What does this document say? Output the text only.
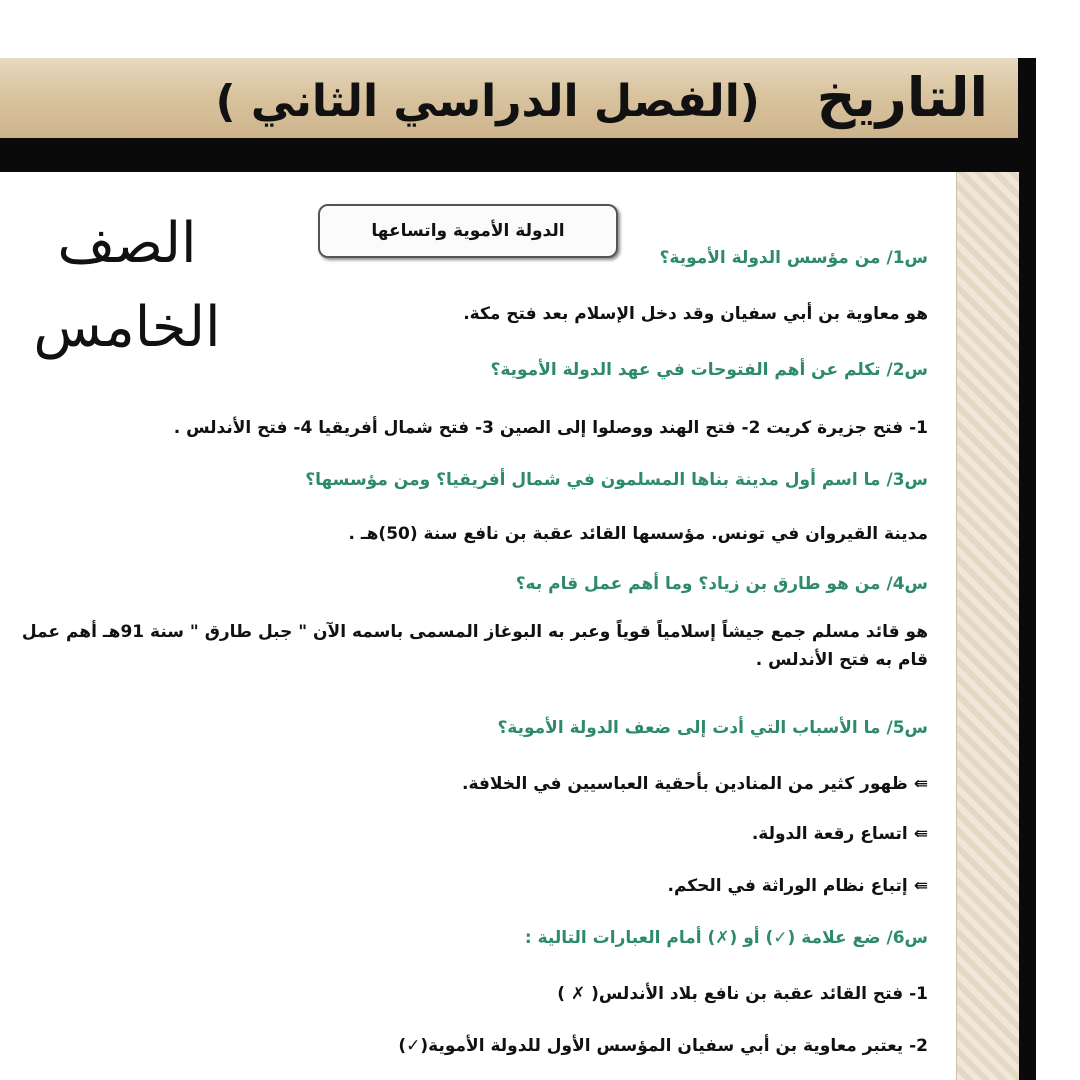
التاريخ (الفصل الدراسي الثاني )
الصف
الخامس
الدولة الأموية واتساعها
س1/ من مؤسس الدولة الأموية؟
هو معاوية بن أبي سفيان وقد دخل الإسلام بعد فتح مكة.
س2/ تكلم عن أهم الفتوحات في عهد الدولة الأموية؟
1- فتح جزيرة كريت 2- فتح الهند ووصلوا إلى الصين 3- فتح شمال أفريقيا 4- فتح الأندلس .
س3/ ما اسم أول مدينة بناها المسلمون في شمال أفريقيا؟ ومن مؤسسها؟
مدينة القيروان في تونس. مؤسسها القائد عقبة بن نافع سنة (50)هـ .
س4/ من هو طارق بن زياد؟ وما أهم عمل قام به؟
هو قائد مسلم جمع جيشاً إسلامياً قوياً وعبر به البوغاز المسمى باسمه الآن " جبل طارق " سنة 91هـ أهم عمل قام به فتح الأندلس .
س5/ ما الأسباب التي أدت إلى ضعف الدولة الأموية؟
⇚ظهور كثير من المنادين بأحقية العباسيين في الخلافة.
⇚اتساع رقعة الدولة.
⇚إتباع نظام الوراثة في الحكم.
س6/ ضع علامة (✓) أو (✗) أمام العبارات التالية :
1- فتح القائد عقبة بن نافع بلاد الأندلس( ✗ )
2- يعتبر معاوية بن أبي سفيان المؤسس الأول للدولة الأموية(✓)
